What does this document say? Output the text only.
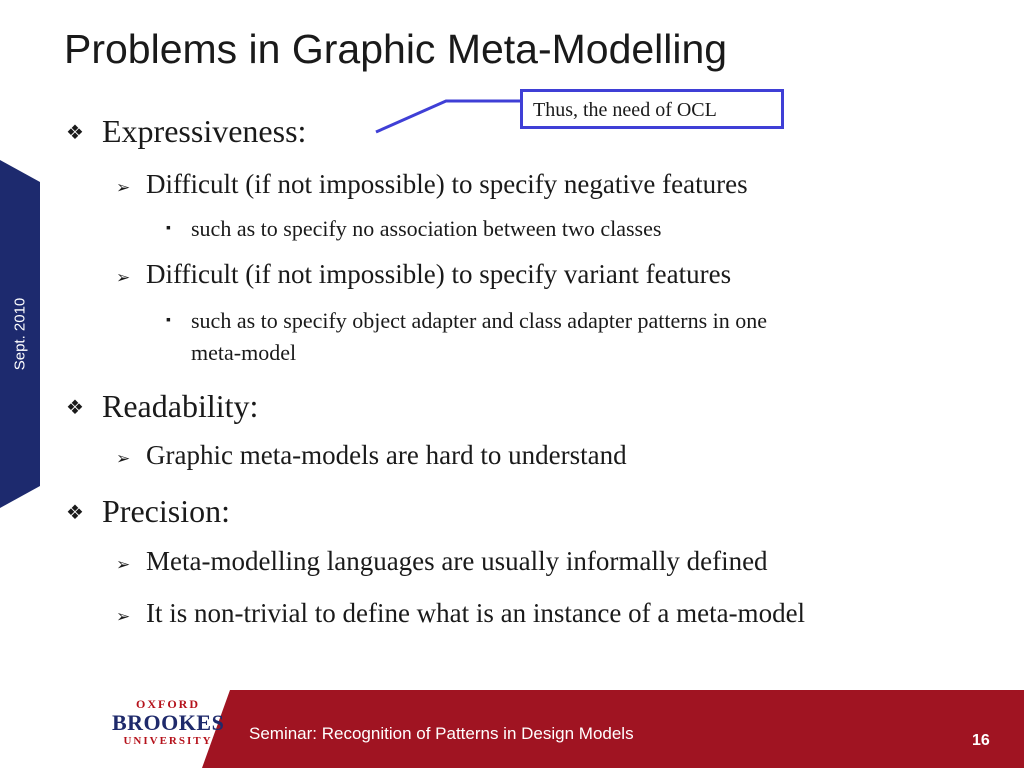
Problems in Graphic Meta-Modelling
Sept. 2010
Thus, the need of OCL
❖ Expressiveness:
➢ Difficult (if not impossible) to specify negative features
▪ such as to specify no association between two classes
➢ Difficult (if not impossible) to specify variant features
▪ such as to specify object adapter and class adapter patterns in one
meta-model
❖ Readability:
➢ Graphic meta-models are hard to understand
❖ Precision:
➢ Meta-modelling languages are usually informally defined
➢ It is non-trivial to define what is an instance of a meta-model
OXFORD
BROOKES
UNIVERSITY	Seminar: Recognition of Patterns in Design Models	16
